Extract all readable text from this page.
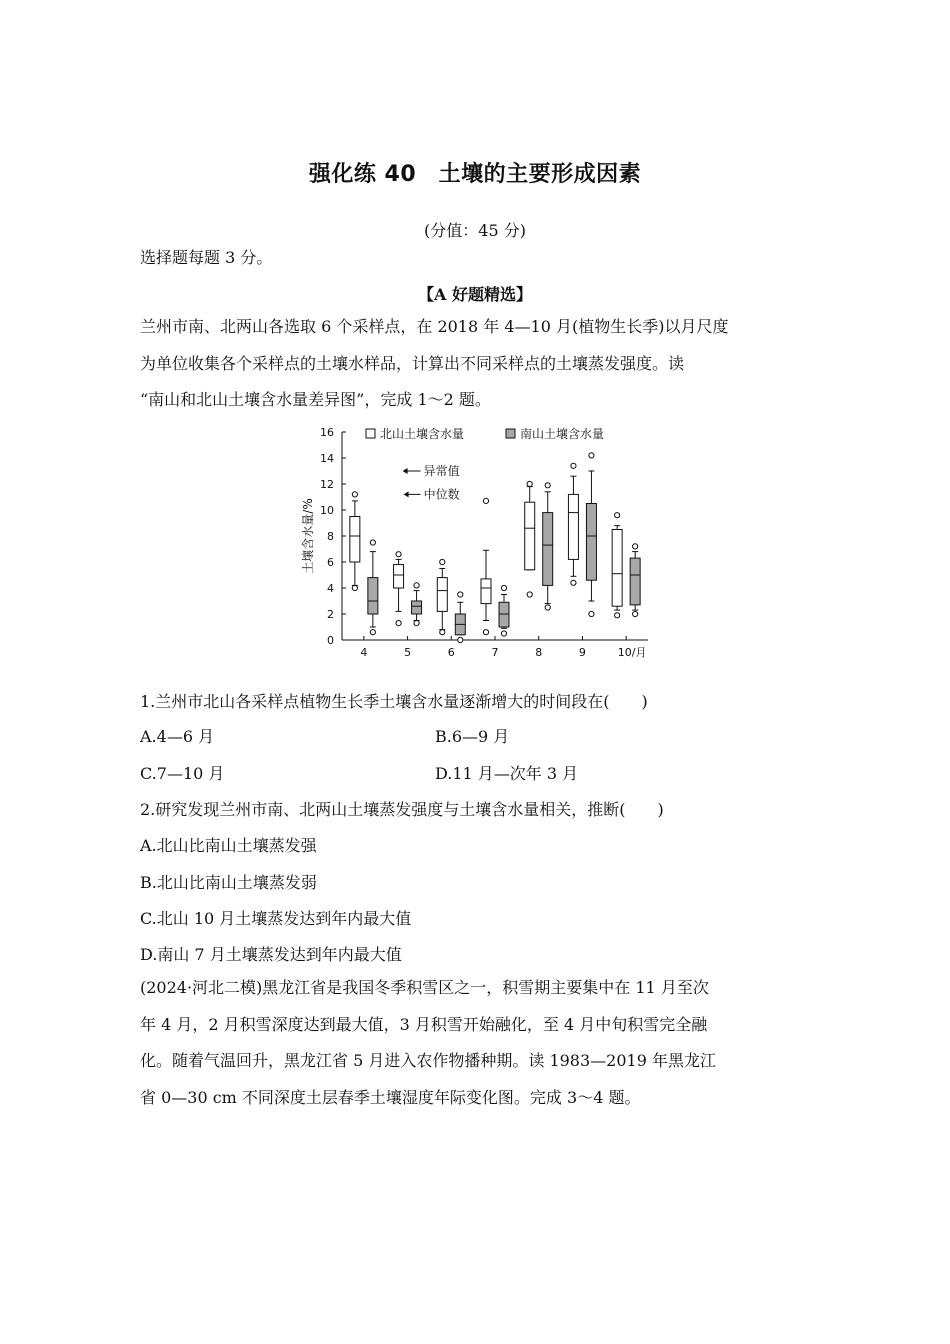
强化练 40　土壤的主要形成因素
(分值：45 分)
选择题每题 3 分。
【A 好题精选】
兰州市南、北两山各选取 6 个采样点，在 2018 年 4—10 月(植物生长季)以月尺度
为单位收集各个采样点的土壤水样品，计算出不同采样点的土壤蒸发强度。读
“南山和北山土壤含水量差异图”，完成 1～2 题。
0
2
4
6
8
10
12
14
16
4	5	6	7	8	9	10/月
土壤含水量/%
北山土壤含水量	南山土壤含水量
异常值
中位数
1.兰州市北山各采样点植物生长季土壤含水量逐渐增大的时间段在(　　)
A.4—6 月	B.6—9 月
C.7—10 月	D.11 月—次年 3 月
2.研究发现兰州市南、北两山土壤蒸发强度与土壤含水量相关，推断(　　)
A.北山比南山土壤蒸发强
B.北山比南山土壤蒸发弱
C.北山 10 月土壤蒸发达到年内最大值
D.南山 7 月土壤蒸发达到年内最大值
(2024·河北二模)黑龙江省是我国冬季积雪区之一，积雪期主要集中在 11 月至次
年 4 月，2 月积雪深度达到最大值，3 月积雪开始融化，至 4 月中旬积雪完全融
化。随着气温回升，黑龙江省 5 月进入农作物播种期。读 1983—2019 年黑龙江
省 0—30 cm 不同深度土层春季土壤湿度年际变化图。完成 3～4 题。
